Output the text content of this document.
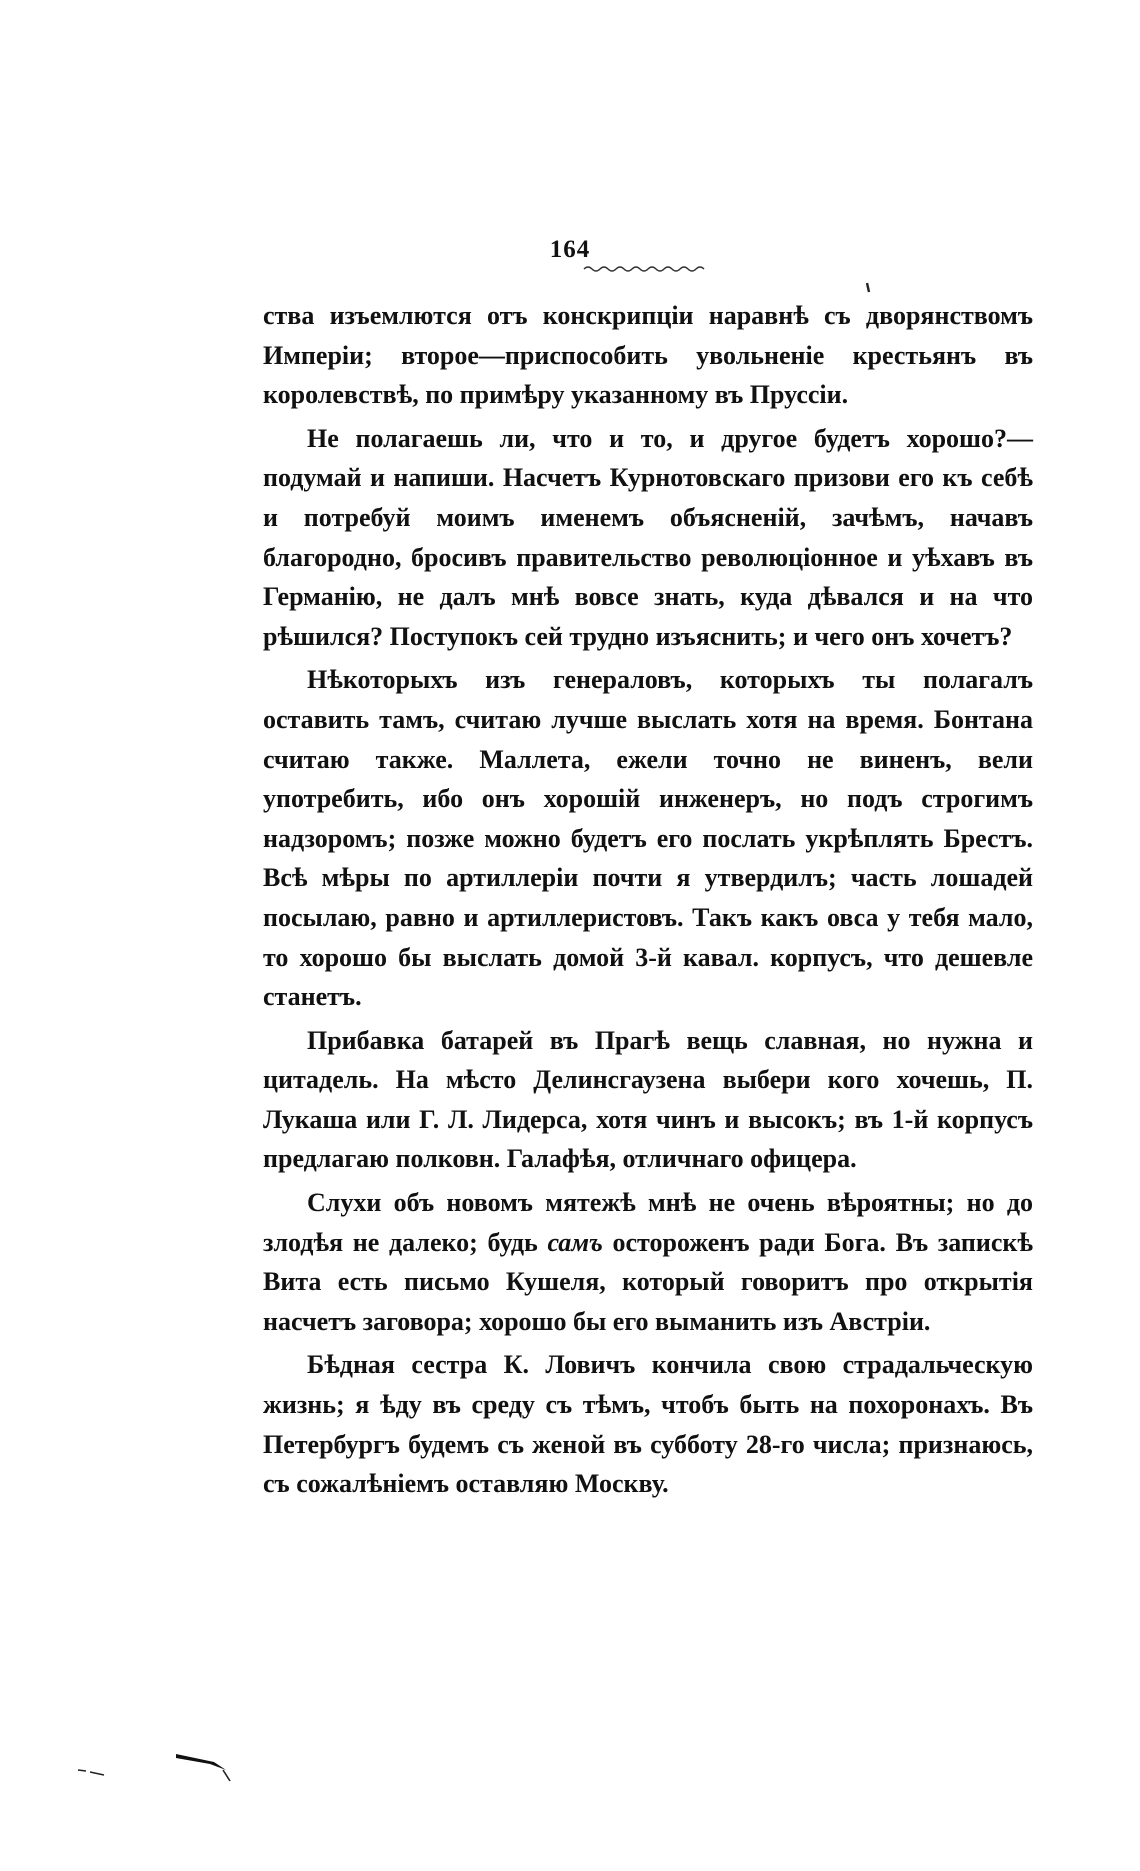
164

ства изъемлются отъ конскрипціи наравнѣ съ дворянствомъ Имперіи; второе—приспособить увольненіе крестьянъ въ королевствѣ, по примѣру указанному въ Пруссіи.

Не полагаешь ли, что и то, и другое будетъ хорошо?—подумай и напиши. Насчетъ Курнотовскаго призови его къ себѣ и потребуй моимъ именемъ объясненій, зачѣмъ, начавъ благородно, бросивъ правительство революціонное и уѣхавъ въ Германію, не далъ мнѣ вовсе знать, куда дѣвался и на что рѣшился? Поступокъ сей трудно изъяснить; и чего онъ хочетъ?

Нѣкоторыхъ изъ генераловъ, которыхъ ты полагалъ оставить тамъ, считаю лучше выслать хотя на время. Бонтана считаю также. Маллета, ежели точно не виненъ, вели употребить, ибо онъ хорошій инженеръ, но подъ строгимъ надзоромъ; позже можно будетъ его послать укрѣплять Брестъ. Всѣ мѣры по артиллеріи почти я утвердилъ; часть лошадей посылаю, равно и артиллеристовъ. Такъ какъ овса у тебя мало, то хорошо бы выслать домой 3-й кавал. корпусъ, что дешевле станетъ.

Прибавка батарей въ Прагѣ вещь славная, но нужна и цитадель. На мѣсто Делинсгаузена выбери кого хочешь, П. Лукаша или Г. Л. Лидерса, хотя чинъ и высокъ; въ 1-й корпусъ предлагаю полковн. Галафѣя, отличнаго офицера.

Слухи объ новомъ мятежѣ мнѣ не очень вѣроятны; но до злодѣя не далеко; будь самъ остороженъ ради Бога. Въ запискѣ Вита есть письмо Кушеля, который говоритъ про открытія насчетъ заговора; хорошо бы его выманить изъ Австріи.

Бѣдная сестра К. Ловичъ кончила свою страдальческую жизнь; я ѣду въ среду съ тѣмъ, чтобъ быть на похоронахъ. Въ Петербургъ будемъ съ женой въ субботу 28-го числа; признаюсь, съ сожалѣніемъ оставляю Москву.
